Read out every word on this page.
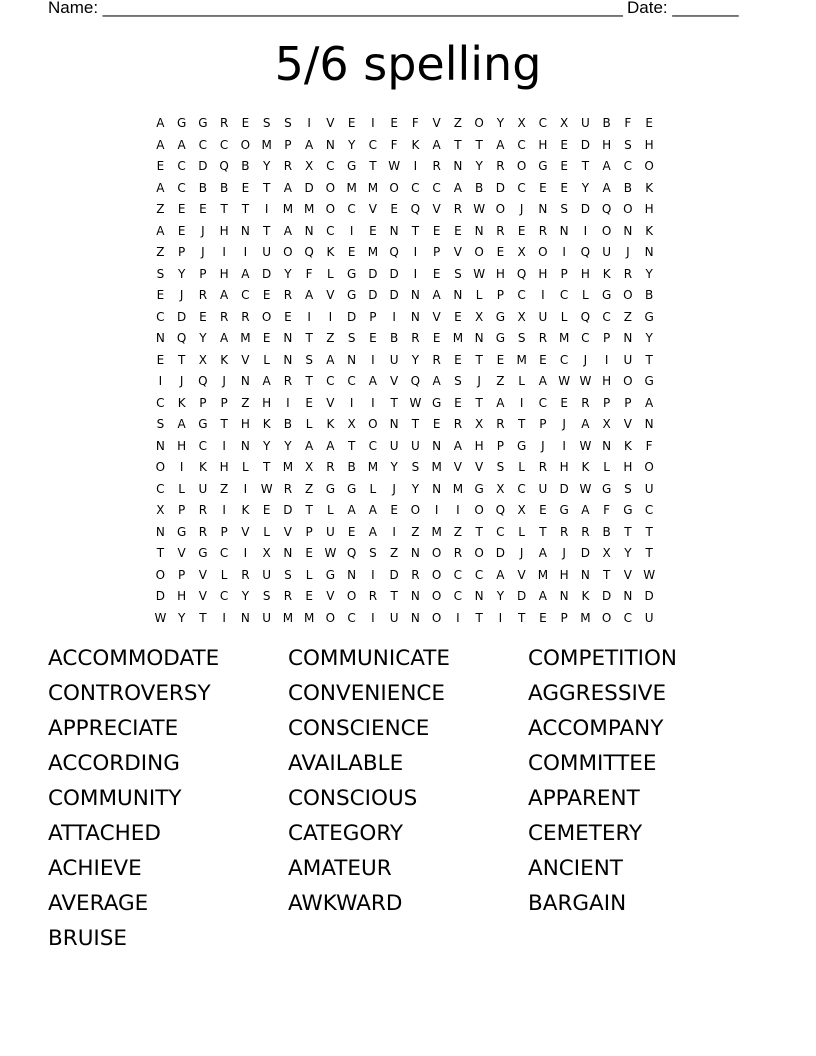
Name: _______________________________________________________ Date: _______
5/6 spelling
A G G R	E	S	S	I	V	E	I	E	F	V	Z O	Y	X	C	X	U	B	F	E
A	A	C	C O M P	A	N	Y	C	F	K	A	T	T	A	C	H	E	D H	S	H
E	C D Q B	Y	R	X	C G	T W	I	R	N	Y	R O G	E	T	A	C O
A	C	B	B	E	T	A	D O M M O C	C	A	B	D C	E	E	Y	A	B	K
Z	E	E	T	T	I	M M O C	V	E	Q V	R W O	J	N	S	D Q O H
A	E	J	H N	T	A	N	C	I	E	N	T	E	E	N	R	E	R	N	I	O N	K
Z	P	J	I	I	U O Q	K	E M Q	I	P	V O	E	X O	I	Q U	J	N
S	Y	P	H	A	D	Y	F	L	G D D	I	E	S W H Q H	P	H	K	R	Y
E	J	R	A	C	E	R	A	V G D D N	A	N	L	P	C	I	C	L	G O B
C D	E	R	R O	E	I	I	D	P	I	N	V	E	X G X	U	L	Q C	Z G
N Q	Y	A M E	N	T	Z	S	E	B	R	E M N G	S	R M C	P	N	Y
E	T	X	K	V	L	N	S	A	N	I	U	Y	R	E	T	E M E	C	J	I	U	T
I	J	Q	J	N	A	R	T	C	C	A	V Q A	S	J	Z	L	A W W H O G
C	K	P	P	Z	H	I	E	V	I	I	T W G	E	T	A	I	C	E	R	P	P	A
S	A G	T	H	K	B	L	K	X O N	T	E	R	X	R	T	P	J	A	X	V	N
N H	C	I	N	Y	Y	A	A	T	C	U U N	A	H	P	G	J	I	W N	K	F
O	I	K	H	L	T M X	R	B M Y	S M V	V	S	L	R	H	K	L	H O
C	L	U	Z	I	W R	Z G G	L	J	Y	N M G X	C	U D W G	S	U
X	P	R	I	K	E	D	T	L	A	A	E	O	I	I	O Q X	E	G A	F	G C
N G R	P	V	L	V	P	U	E	A	I	Z M Z	T	C	L	T	R	R	B	T	T
T	V G C	I	X	N	E W Q	S	Z	N O R O D	J	A	J	D	X	Y	T
O	P	V	L	R	U	S	L	G N	I	D R O C	C	A	V M H N	T	V W
D H	V	C	Y	S	R	E	V O R	T	N O C	N	Y	D	A	N	K	D N D
W Y	T	I	N U M M O C	I	U N O	I	T	I	T	E	P M O C	U
ACCOMMODATE	COMMUNICATE	COMPETITION
CONTROVERSY	CONVENIENCE	AGGRESSIVE
APPRECIATE	CONSCIENCE	ACCOMPANY
ACCORDING	AVAILABLE	COMMITTEE
COMMUNITY	CONSCIOUS	APPARENT
ATTACHED	CATEGORY	CEMETERY
ACHIEVE	AMATEUR	ANCIENT
AVERAGE	AWKWARD	BARGAIN
BRUISE
